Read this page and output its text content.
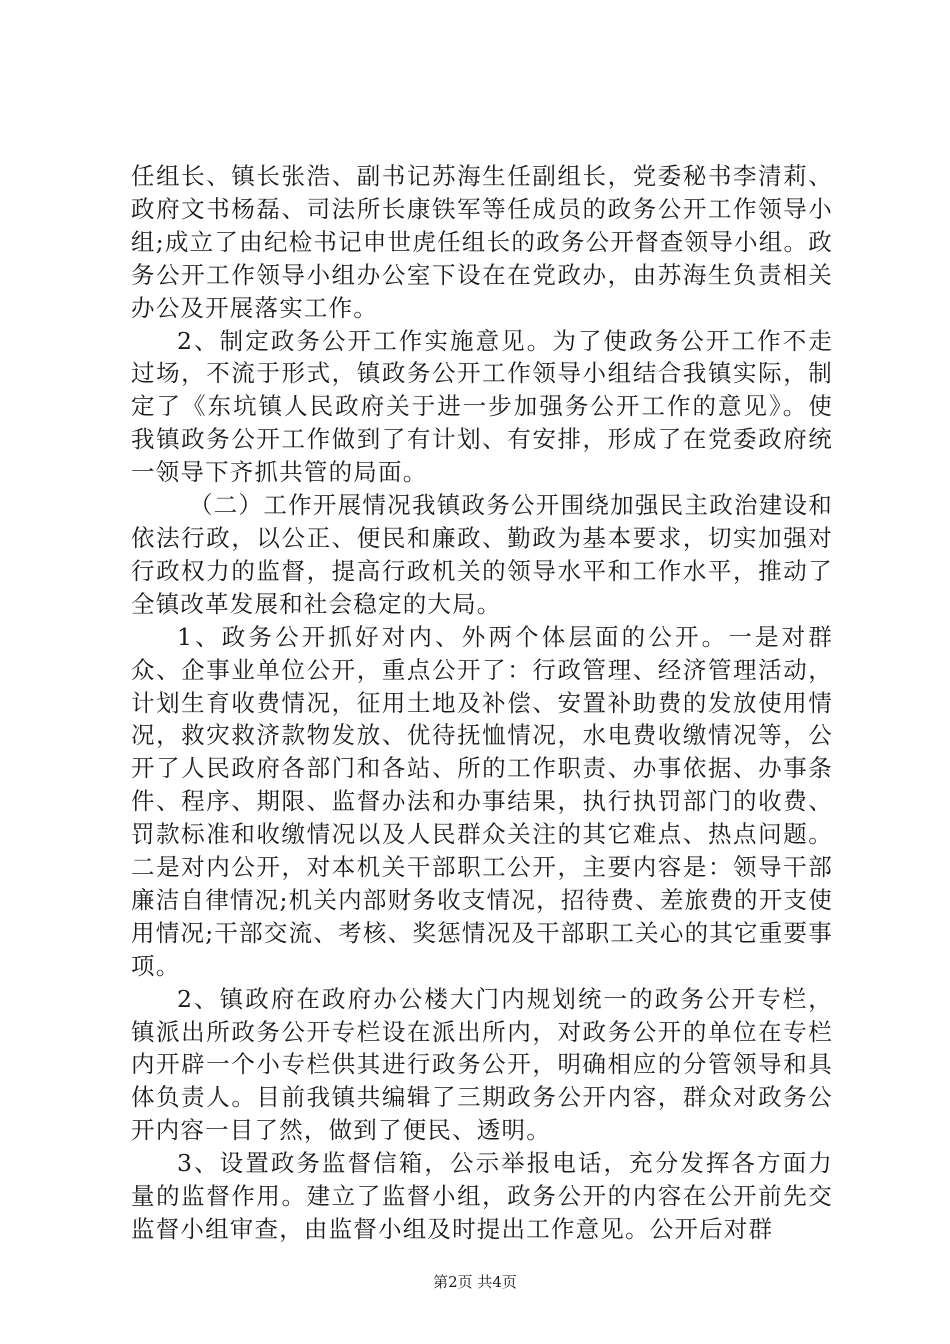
任组长、镇长张浩、副书记苏海生任副组长，党委秘书李清莉、政府文书杨磊、司法所长康铁军等任成员的政务公开工作领导小组;成立了由纪检书记申世虎任组长的政务公开督查领导小组。政务公开工作领导小组办公室下设在在党政办，由苏海生负责相关办公及开展落实工作。

2、制定政务公开工作实施意见。为了使政务公开工作不走过场，不流于形式，镇政务公开工作领导小组结合我镇实际，制定了《东坑镇人民政府关于进一步加强务公开工作的意见》。使我镇政务公开工作做到了有计划、有安排，形成了在党委政府统一领导下齐抓共管的局面。

（二）工作开展情况我镇政务公开围绕加强民主政治建设和依法行政，以公正、便民和廉政、勤政为基本要求，切实加强对行政权力的监督，提高行政机关的领导水平和工作水平，推动了全镇改革发展和社会稳定的大局。

1、政务公开抓好对内、外两个体层面的公开。一是对群众、企事业单位公开，重点公开了：行政管理、经济管理活动，计划生育收费情况，征用土地及补偿、安置补助费的发放使用情况，救灾救济款物发放、优待抚恤情况，水电费收缴情况等，公开了人民政府各部门和各站、所的工作职责、办事依据、办事条件、程序、期限、监督办法和办事结果，执行执罚部门的收费、罚款标准和收缴情况以及人民群众关注的其它难点、热点问题。二是对内公开，对本机关干部职工公开，主要内容是：领导干部廉洁自律情况;机关内部财务收支情况，招待费、差旅费的开支使用情况;干部交流、考核、奖惩情况及干部职工关心的其它重要事项。

2、镇政府在政府办公楼大门内规划统一的政务公开专栏，镇派出所政务公开专栏设在派出所内，对政务公开的单位在专栏内开辟一个小专栏供其进行政务公开，明确相应的分管领导和具体负责人。目前我镇共编辑了三期政务公开内容，群众对政务公开内容一目了然，做到了便民、透明。

3、设置政务监督信箱，公示举报电话，充分发挥各方面力量的监督作用。建立了监督小组，政务公开的内容在公开前先交监督小组审查，由监督小组及时提出工作意见。公开后对群

第2页 共4页
